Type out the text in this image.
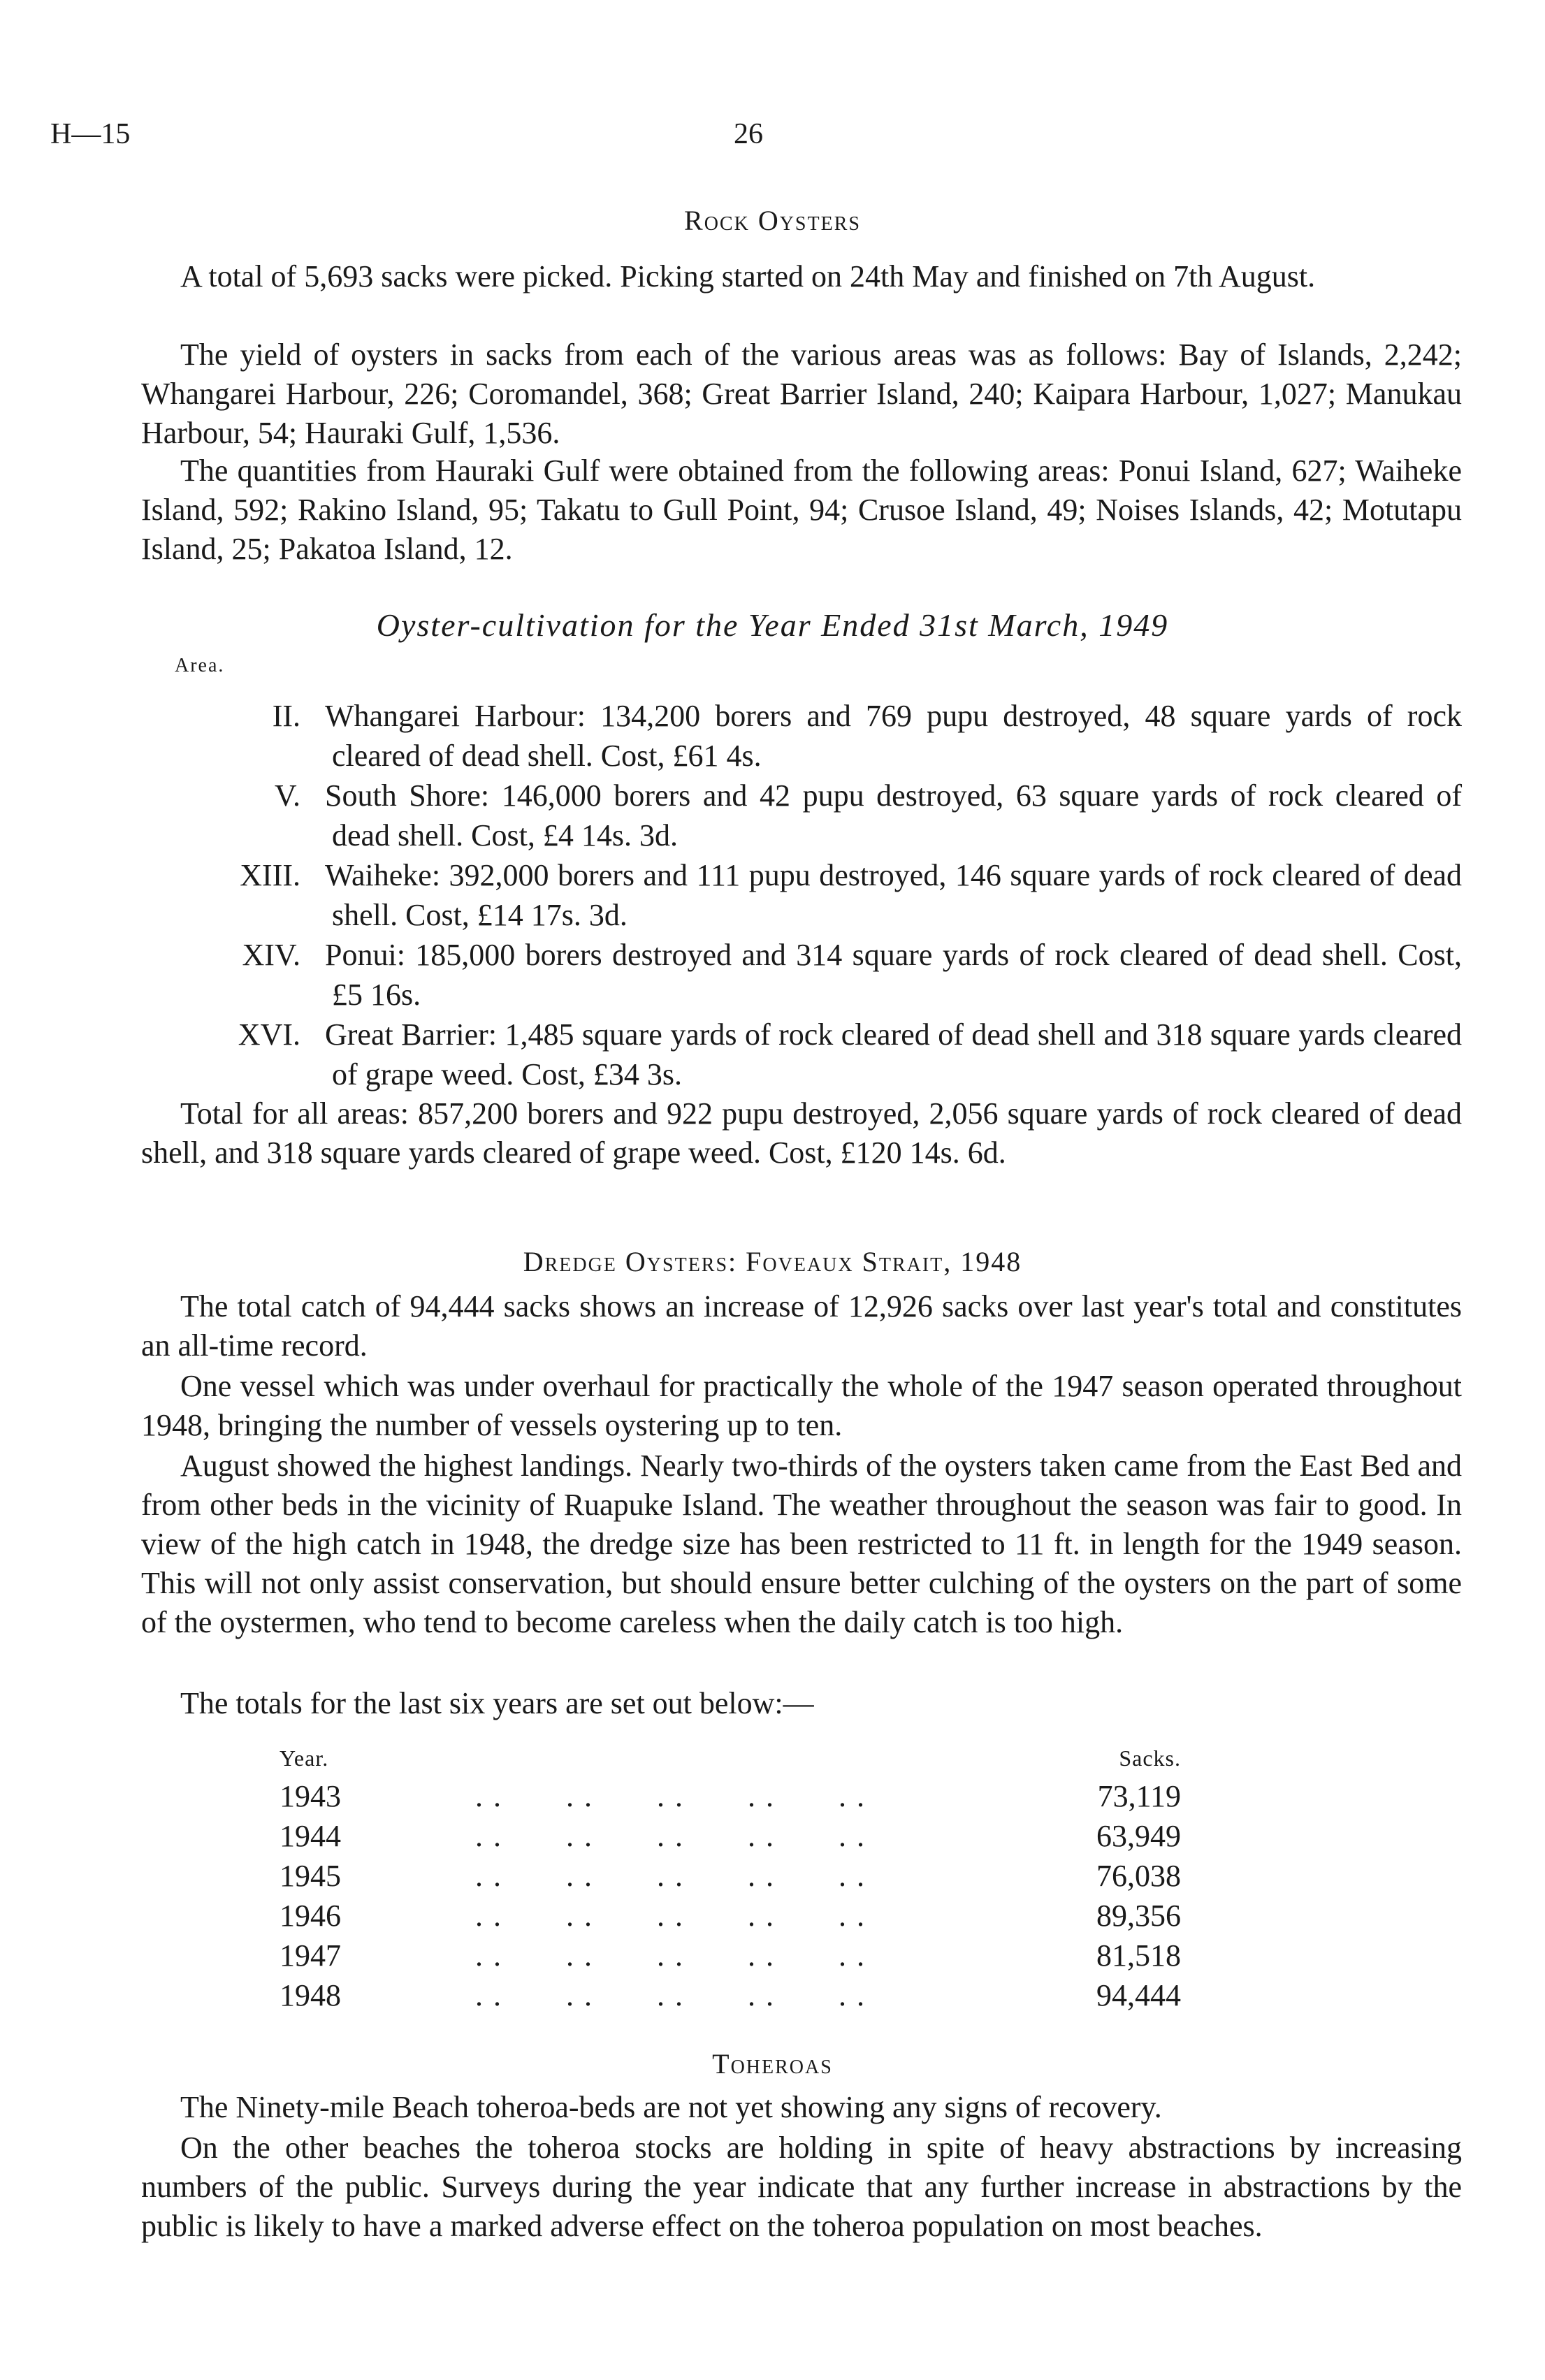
H—15	26
Rock Oysters

A total of 5,693 sacks were picked. Picking started on 24th May and finished on 7th August.

The yield of oysters in sacks from each of the various areas was as follows: Bay of Islands, 2,242; Whangarei Harbour, 226; Coromandel, 368; Great Barrier Island, 240; Kaipara Harbour, 1,027; Manukau Harbour, 54; Hauraki Gulf, 1,536.

The quantities from Hauraki Gulf were obtained from the following areas: Ponui Island, 627; Waiheke Island, 592; Rakino Island, 95; Takatu to Gull Point, 94; Crusoe Island, 49; Noises Islands, 42; Motutapu Island, 25; Pakatoa Island, 12.

Oyster-cultivation for the Year Ended 31st March, 1949
Area.
II. Whangarei Harbour: 134,200 borers and 769 pupu destroyed, 48 square yards of rock cleared of dead shell. Cost, £61 4s.
V. South Shore: 146,000 borers and 42 pupu destroyed, 63 square yards of rock cleared of dead shell. Cost, £4 14s. 3d.
XIII. Waiheke: 392,000 borers and 111 pupu destroyed, 146 square yards of rock cleared of dead shell. Cost, £14 17s. 3d.
XIV. Ponui: 185,000 borers destroyed and 314 square yards of rock cleared of dead shell. Cost, £5 16s.
XVI. Great Barrier: 1,485 square yards of rock cleared of dead shell and 318 square yards cleared of grape weed. Cost, £34 3s.

Total for all areas: 857,200 borers and 922 pupu destroyed, 2,056 square yards of rock cleared of dead shell, and 318 square yards cleared of grape weed. Cost, £120 14s. 6d.

Dredge Oysters: Foveaux Strait, 1948

The total catch of 94,444 sacks shows an increase of 12,926 sacks over last year's total and constitutes an all-time record.

One vessel which was under overhaul for practically the whole of the 1947 season operated throughout 1948, bringing the number of vessels oystering up to ten.

August showed the highest landings. Nearly two-thirds of the oysters taken came from the East Bed and from other beds in the vicinity of Ruapuke Island. The weather throughout the season was fair to good. In view of the high catch in 1948, the dredge size has been restricted to 11 ft. in length for the 1949 season. This will not only assist conservation, but should ensure better culching of the oysters on the part of some of the oystermen, who tend to become careless when the daily catch is too high.

The totals for the last six years are set out below:—

Year.		Sacks.
1943	. .       . .       . .       . .       . .	73,119
1944	. .       . .       . .       . .       . .	63,949
1945	. .       . .       . .       . .       . .	76,038
1946	. .       . .       . .       . .       . .	89,356
1947	. .       . .       . .       . .       . .	81,518
1948	. .       . .       . .       . .       . .	94,444
Toheroas

The Ninety-mile Beach toheroa-beds are not yet showing any signs of recovery.

On the other beaches the toheroa stocks are holding in spite of heavy abstractions by increasing numbers of the public. Surveys during the year indicate that any further increase in abstractions by the public is likely to have a marked adverse effect on the toheroa population on most beaches.
